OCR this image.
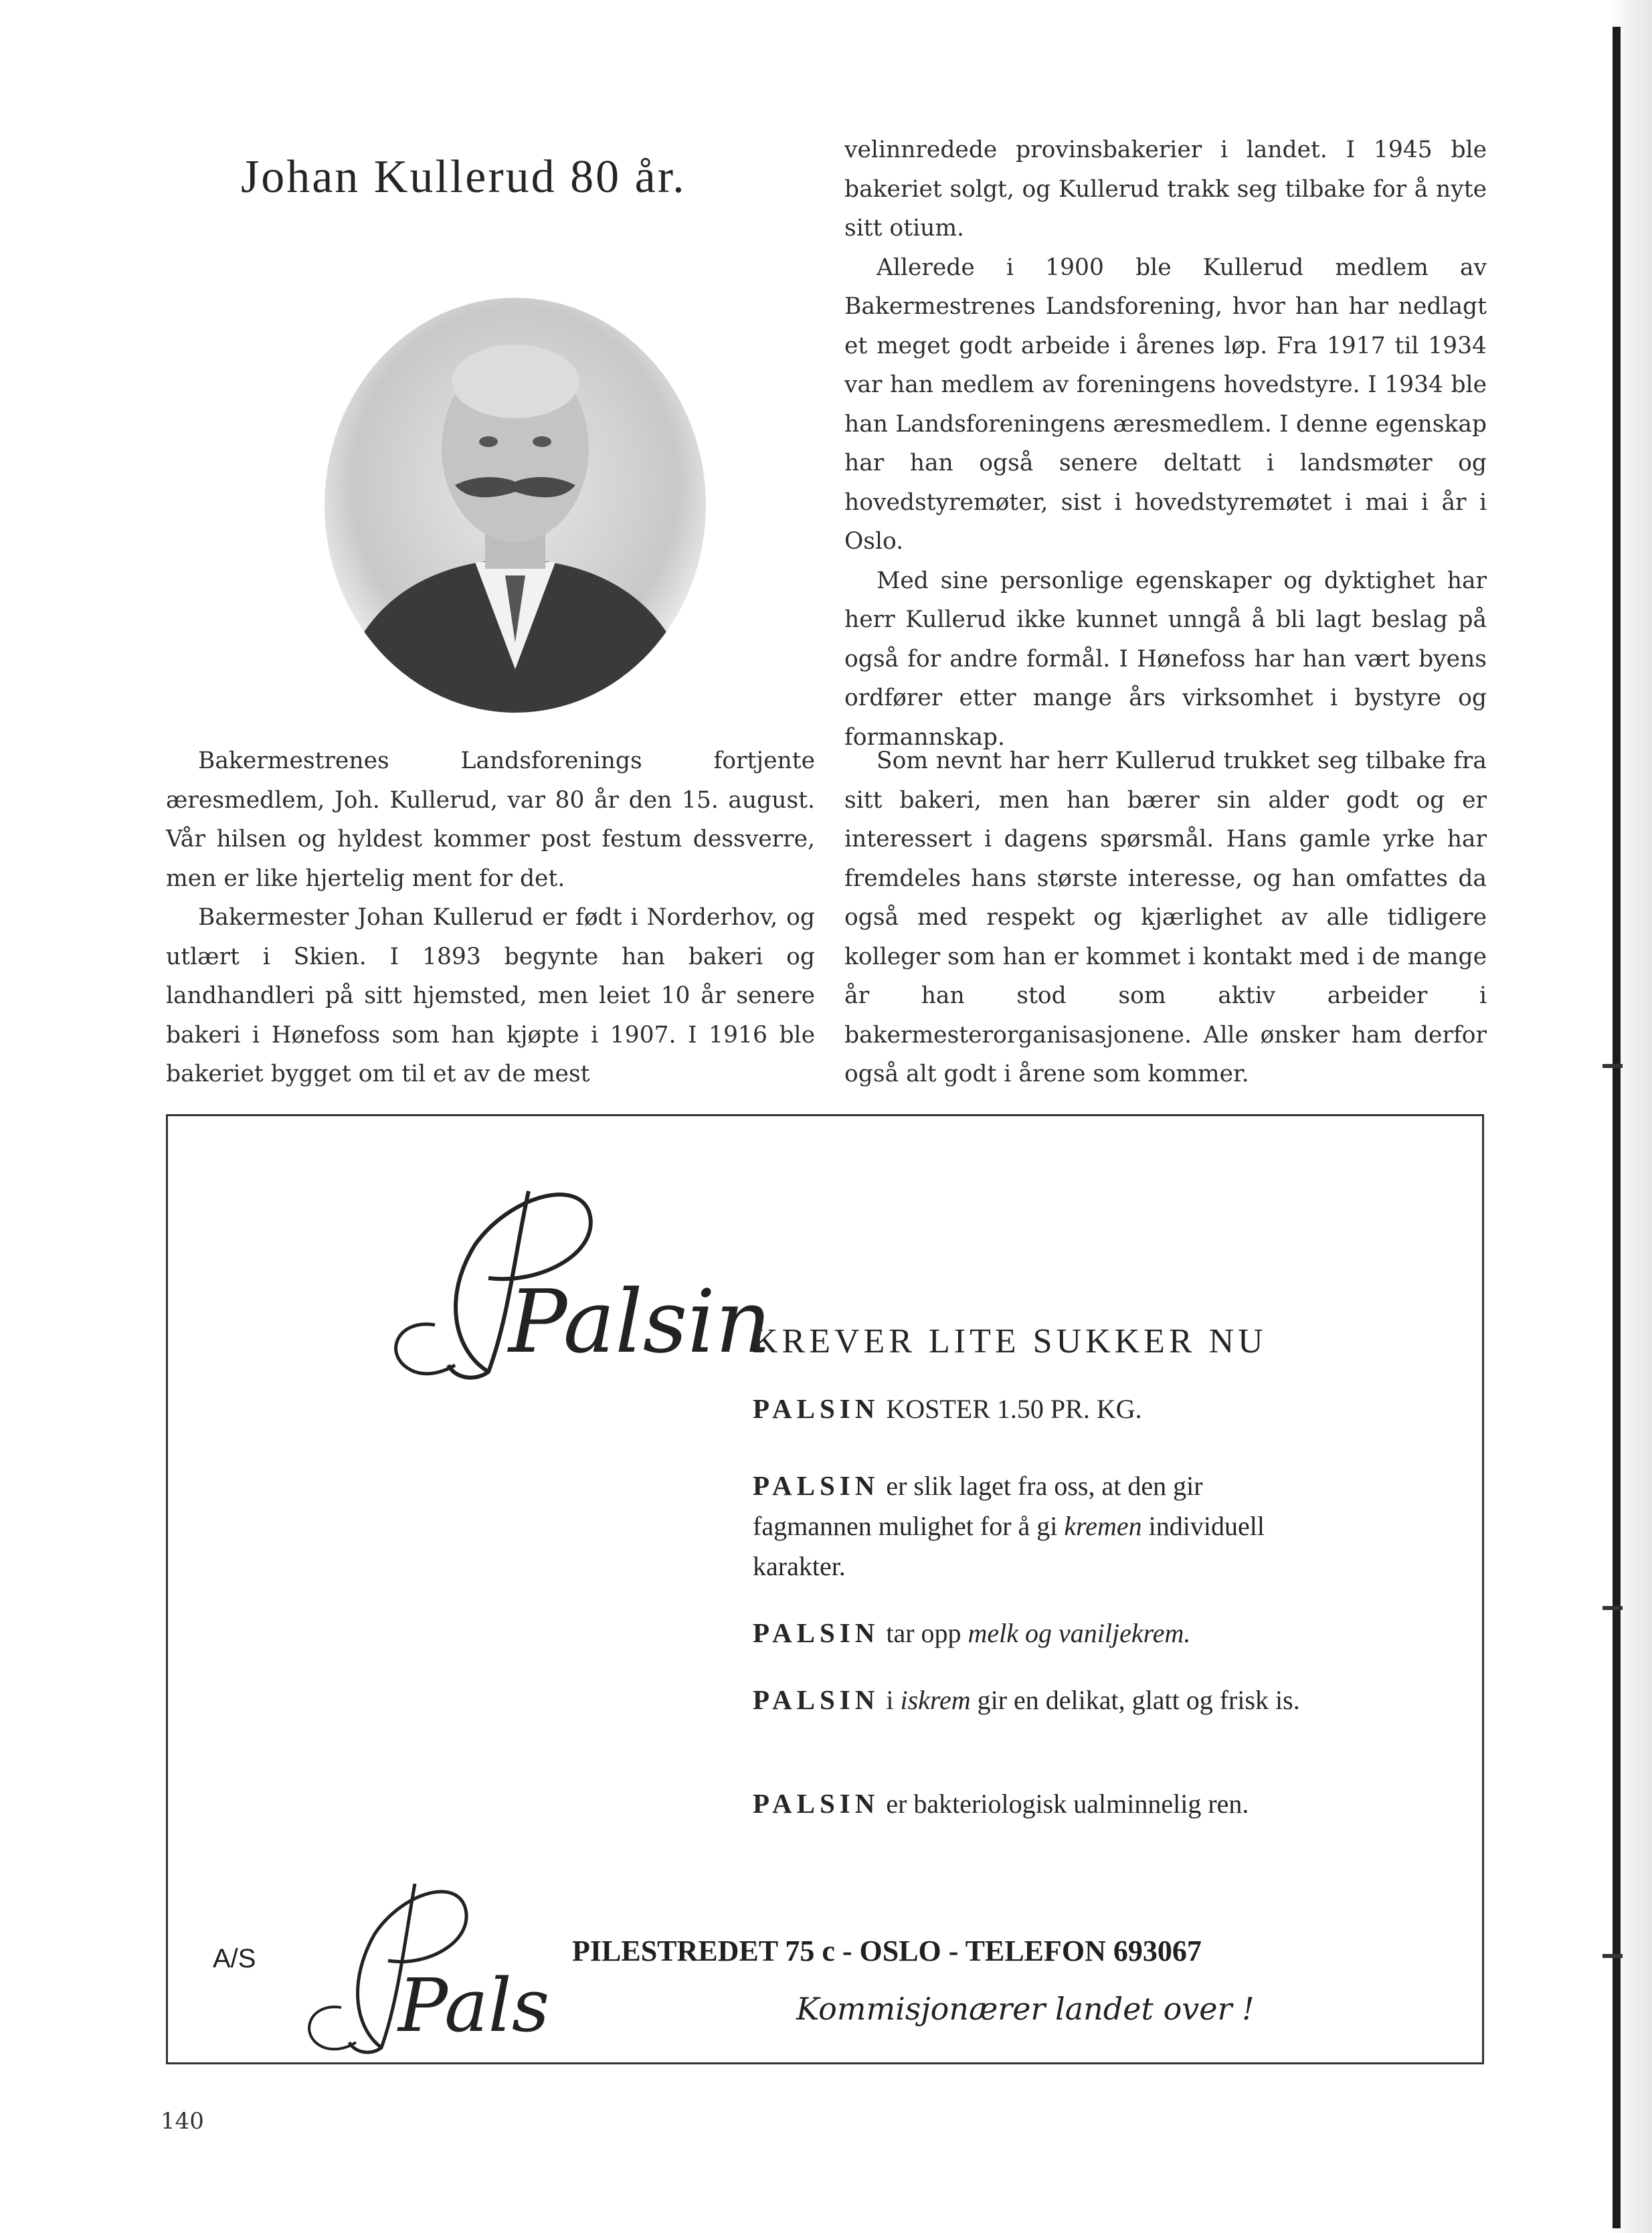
Johan Kullerud 80 år.

Bakermestrenes Landsforenings fortjente æresmedlem, Joh. Kullerud, var 80 år den 15. august. Vår hilsen og hyldest kommer post festum dessverre, men er like hjertelig ment for det.

Bakermester Johan Kullerud er født i Norderhov, og utlært i Skien. I 1893 begynte han bakeri og landhandleri på sitt hjemsted, men leiet 10 år senere bakeri i Hønefoss som han kjøpte i 1907. I 1916 ble bakeriet bygget om til et av de mest

velinnredede provinsbakerier i landet. I 1945 ble bakeriet solgt, og Kullerud trakk seg tilbake for å nyte sitt otium.

Allerede i 1900 ble Kullerud medlem av Bakermestrenes Landsforening, hvor han har nedlagt et meget godt arbeide i årenes løp. Fra 1917 til 1934 var han medlem av foreningens hovedstyre. I 1934 ble han Landsforeningens æresmedlem. I denne egenskap har han også senere deltatt i landsmøter og hovedstyremøter, sist i hovedstyremøtet i mai i år i Oslo.

Med sine personlige egenskaper og dyktighet har herr Kullerud ikke kunnet unngå å bli lagt beslag på også for andre formål. I Hønefoss har han vært byens ordfører etter mange års virksomhet i bystyre og formannskap.

Som nevnt har herr Kullerud trukket seg tilbake fra sitt bakeri, men han bærer sin alder godt og er interessert i dagens spørsmål. Hans gamle yrke har fremdeles hans største interesse, og han omfattes da også med respekt og kjærlighet av alle tidligere kolleger som han er kommet i kontakt med i de mange år han stod som aktiv arbeider i bakermesterorganisasjonene. Alle ønsker ham derfor også alt godt i årene som kommer.

Palsin
KREVER LITE SUKKER NU
PALSIN KOSTER 1.50 PR. KG.
PALSIN er slik laget fra oss, at den gir fagmannen mulighet for å gi kremen individuell karakter.
PALSIN tar opp melk og vaniljekrem.
PALSIN i iskrem gir en delikat, glatt og frisk is.
PALSIN er bakteriologisk ualminnelig ren.
A/S
Pals
PILESTREDET 75 c - OSLO - TELEFON 693067
Kommisjonærer landet over !
140
